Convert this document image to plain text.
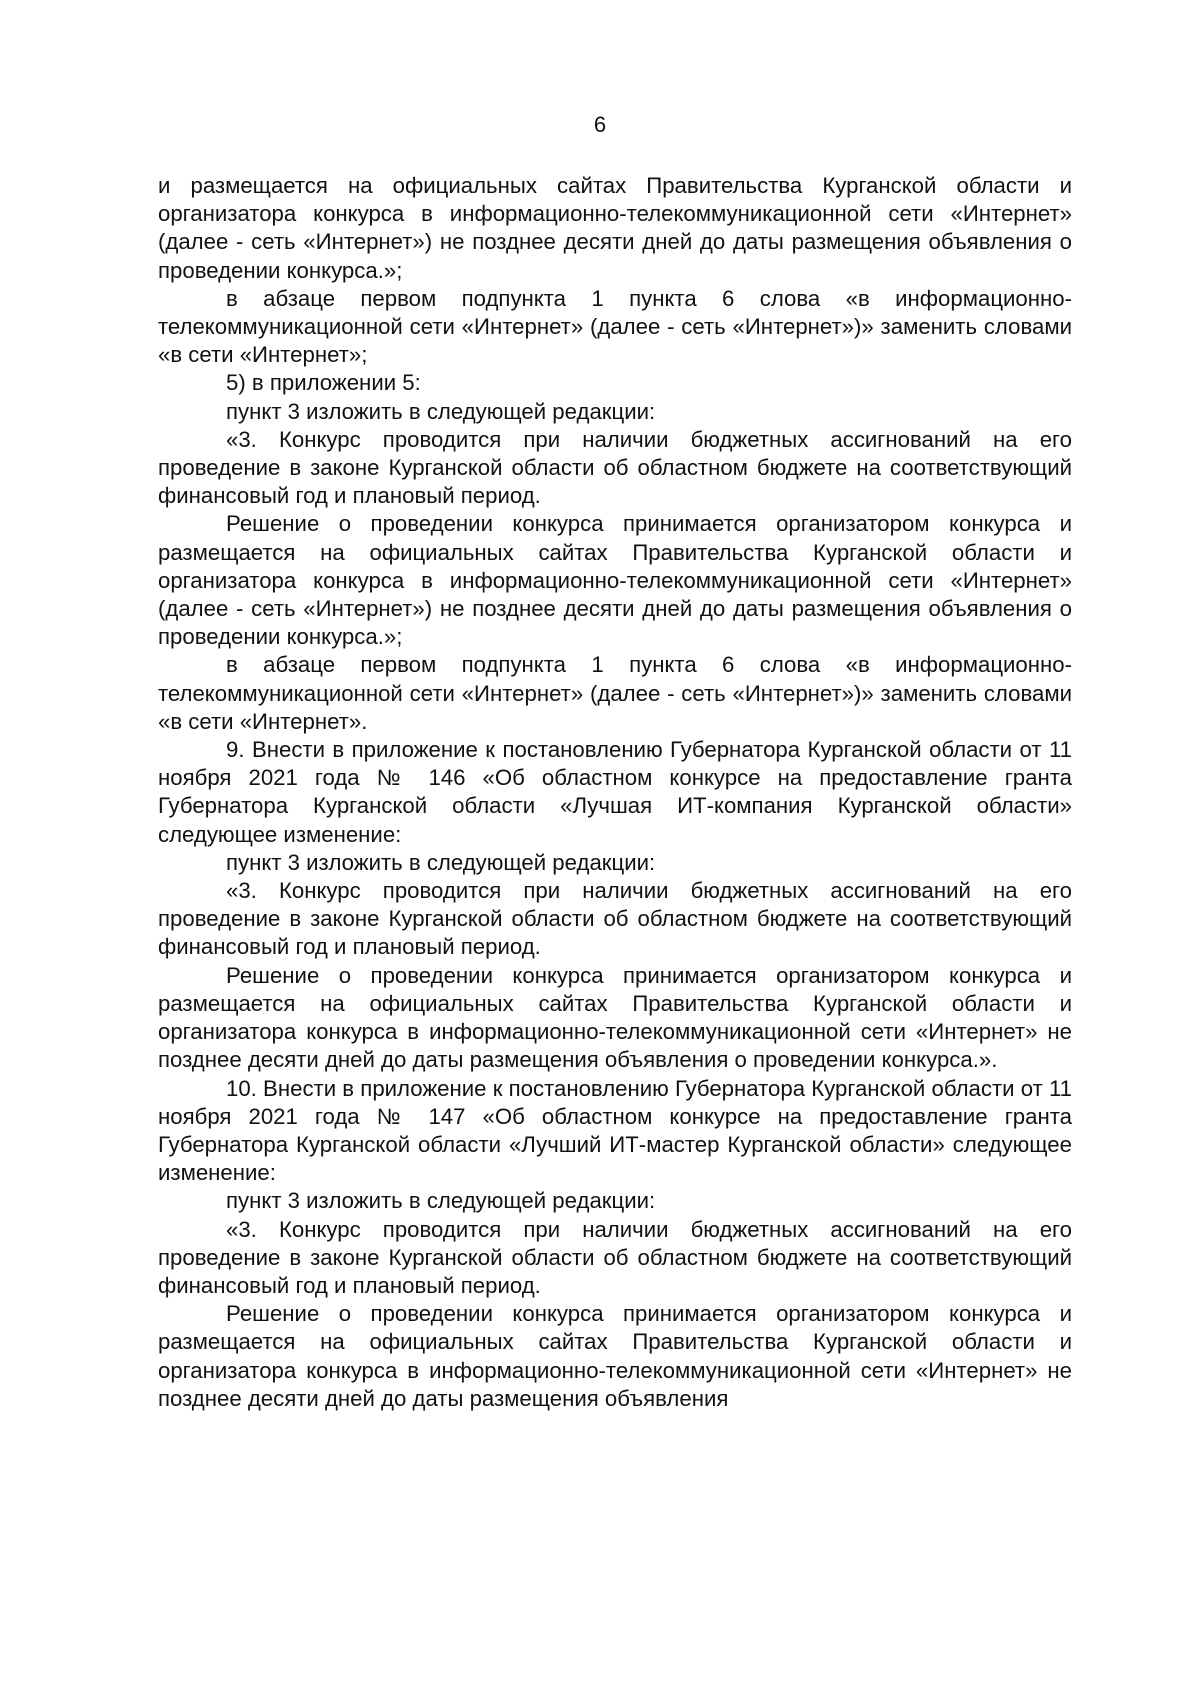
6

и размещается на официальных сайтах Правительства Курганской области и организатора конкурса в информационно-телекоммуникационной сети «Интернет» (далее - сеть «Интернет») не позднее десяти дней до даты размещения объявления о проведении конкурса.»;

в абзаце первом подпункта 1 пункта 6 слова «в информационно-телекоммуникационной сети «Интернет» (далее - сеть «Интернет»)» заменить словами «в сети «Интернет»;

5) в приложении 5:

пункт 3 изложить в следующей редакции:

«3. Конкурс проводится при наличии бюджетных ассигнований на его проведение в законе Курганской области об областном бюджете на соответствующий финансовый год и плановый период.

Решение о проведении конкурса принимается организатором конкурса и размещается на официальных сайтах Правительства Курганской области и организатора конкурса в информационно-телекоммуникационной сети «Интернет» (далее - сеть «Интернет») не позднее десяти дней до даты размещения объявления о проведении конкурса.»;

в абзаце первом подпункта 1 пункта 6 слова «в информационно-телекоммуникационной сети «Интернет» (далее - сеть «Интернет»)» заменить словами «в сети «Интернет».

9. Внести в приложение к постановлению Губернатора Курганской области от 11 ноября 2021 года № 146 «Об областном конкурсе на предоставление гранта Губернатора Курганской области «Лучшая ИТ-компания Курганской области» следующее изменение:

пункт 3 изложить в следующей редакции:

«3. Конкурс проводится при наличии бюджетных ассигнований на его проведение в законе Курганской области об областном бюджете на соответствующий финансовый год и плановый период.

Решение о проведении конкурса принимается организатором конкурса и размещается на официальных сайтах Правительства Курганской области и организатора конкурса в информационно-телекоммуникационной сети «Интернет» не позднее десяти дней до даты размещения объявления о проведении конкурса.».

10. Внести в приложение к постановлению Губернатора Курганской области от 11 ноября 2021 года № 147 «Об областном конкурсе на предоставление гранта Губернатора Курганской области «Лучший ИТ-мастер Курганской области» следующее изменение:

пункт 3 изложить в следующей редакции:

«3. Конкурс проводится при наличии бюджетных ассигнований на его проведение в законе Курганской области об областном бюджете на соответствующий финансовый год и плановый период.

Решение о проведении конкурса принимается организатором конкурса и размещается на официальных сайтах Правительства Курганской области и организатора конкурса в информационно-телекоммуникационной сети «Интернет» не позднее десяти дней до даты размещения объявления
